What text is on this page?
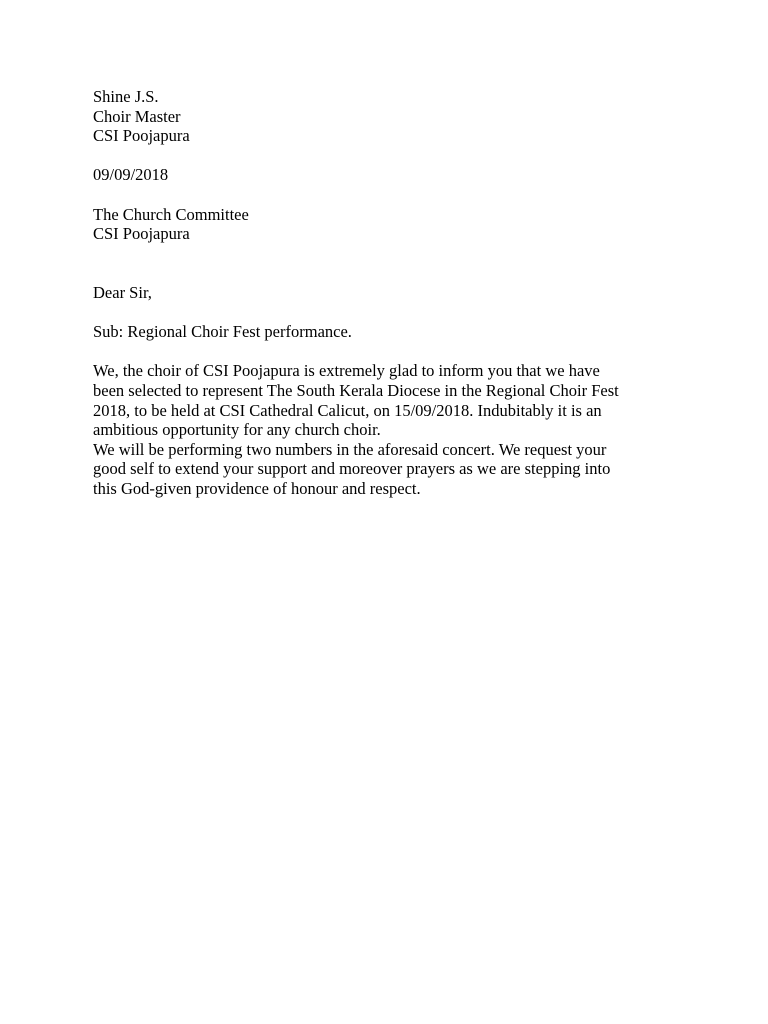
Shine J.S.
Choir Master
CSI Poojapura
09/09/2018
The Church Committee
CSI Poojapura
Dear Sir,
Sub: Regional Choir Fest performance.
We, the choir of CSI Poojapura is extremely glad to inform you that we have
been selected to represent The South Kerala Diocese in the Regional Choir Fest
2018, to be held at CSI Cathedral Calicut, on 15/09/2018. Indubitably it is an
ambitious opportunity for any church choir.
We will be performing two numbers in the aforesaid concert. We request your
good self to extend your support and moreover prayers as we are stepping into
this God-given providence of honour and respect.
